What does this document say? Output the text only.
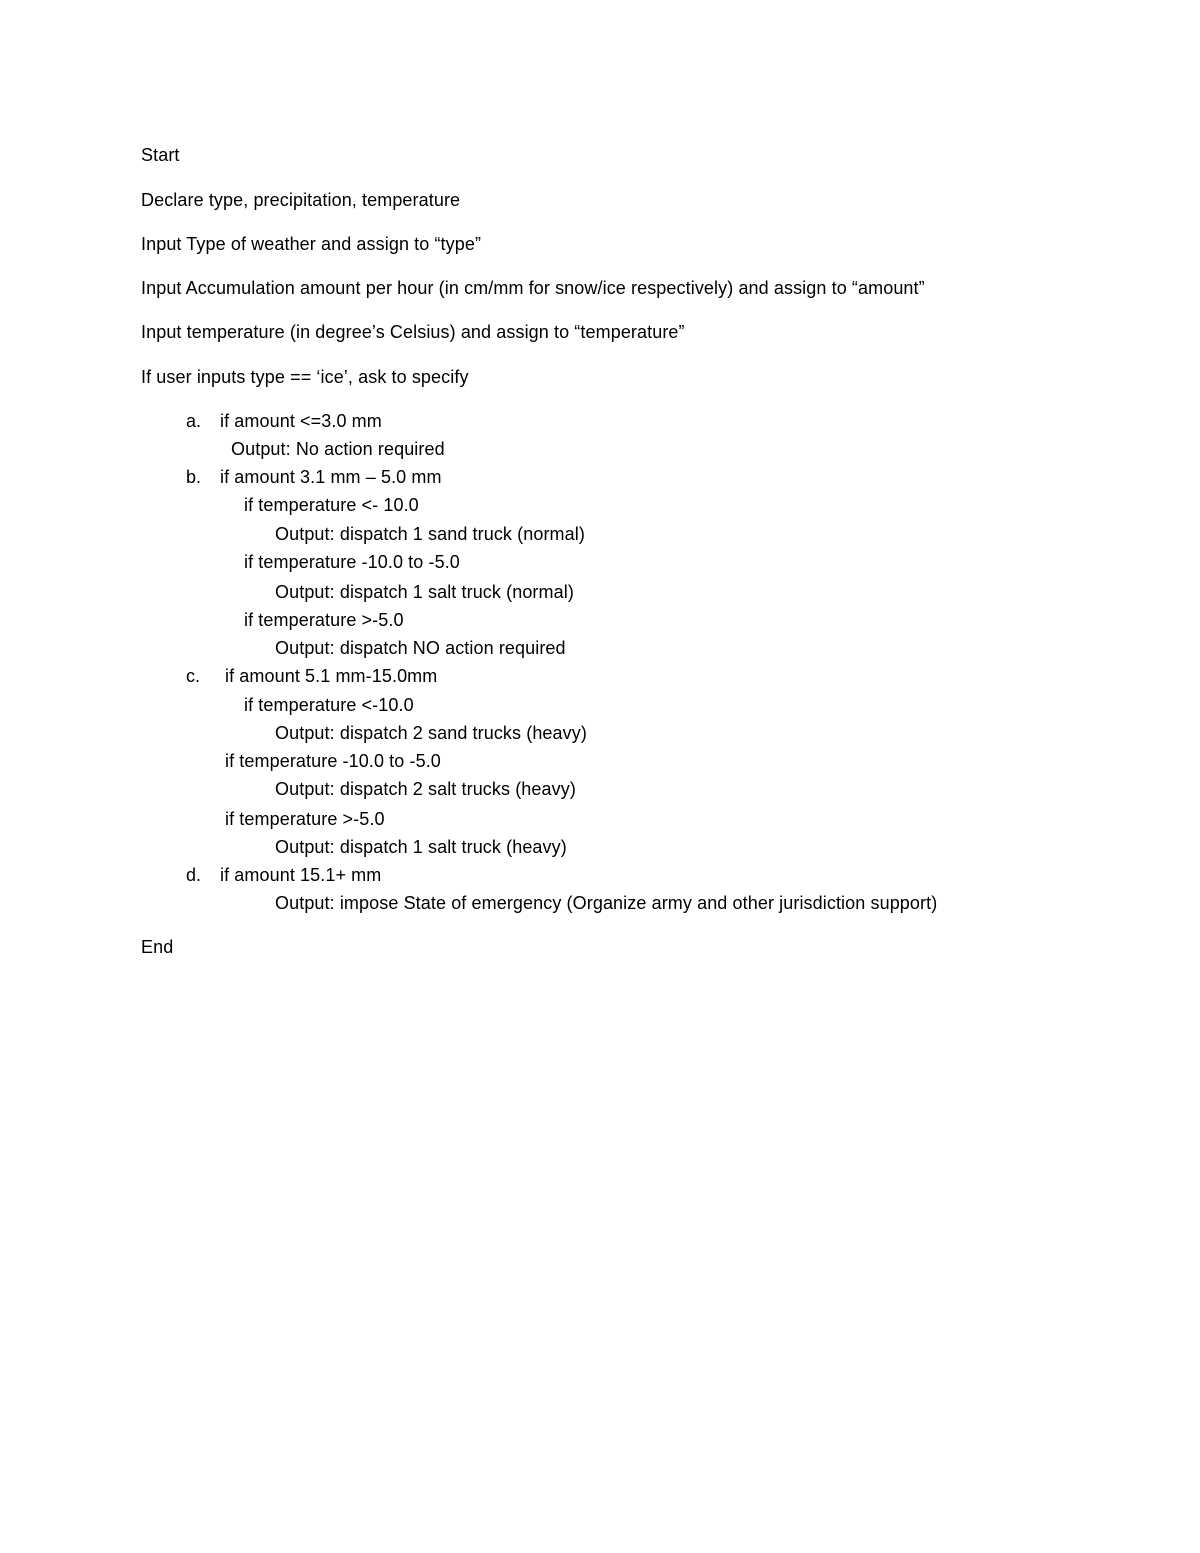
Start
Declare type, precipitation, temperature
Input Type of weather and assign to “type”
Input Accumulation amount per hour (in cm/mm for snow/ice respectively) and assign to “amount”
Input temperature (in degree’s Celsius) and assign to “temperature”
If user inputs type == ‘ice’, ask to specify
a. if amount <=3.0 mm
Output: No action required
b. if amount 3.1 mm – 5.0 mm
if temperature <- 10.0
Output: dispatch 1 sand truck (normal)
if temperature -10.0 to -5.0
Output: dispatch 1 salt truck (normal)
if temperature >-5.0
Output: dispatch NO action required
c. if amount 5.1 mm-15.0mm
if temperature <-10.0
Output: dispatch 2 sand trucks (heavy)
if temperature -10.0 to -5.0
Output: dispatch 2 salt trucks (heavy)
if temperature >-5.0
Output: dispatch 1 salt truck (heavy)
d. if amount 15.1+ mm
Output: impose State of emergency (Organize army and other jurisdiction support)
End
